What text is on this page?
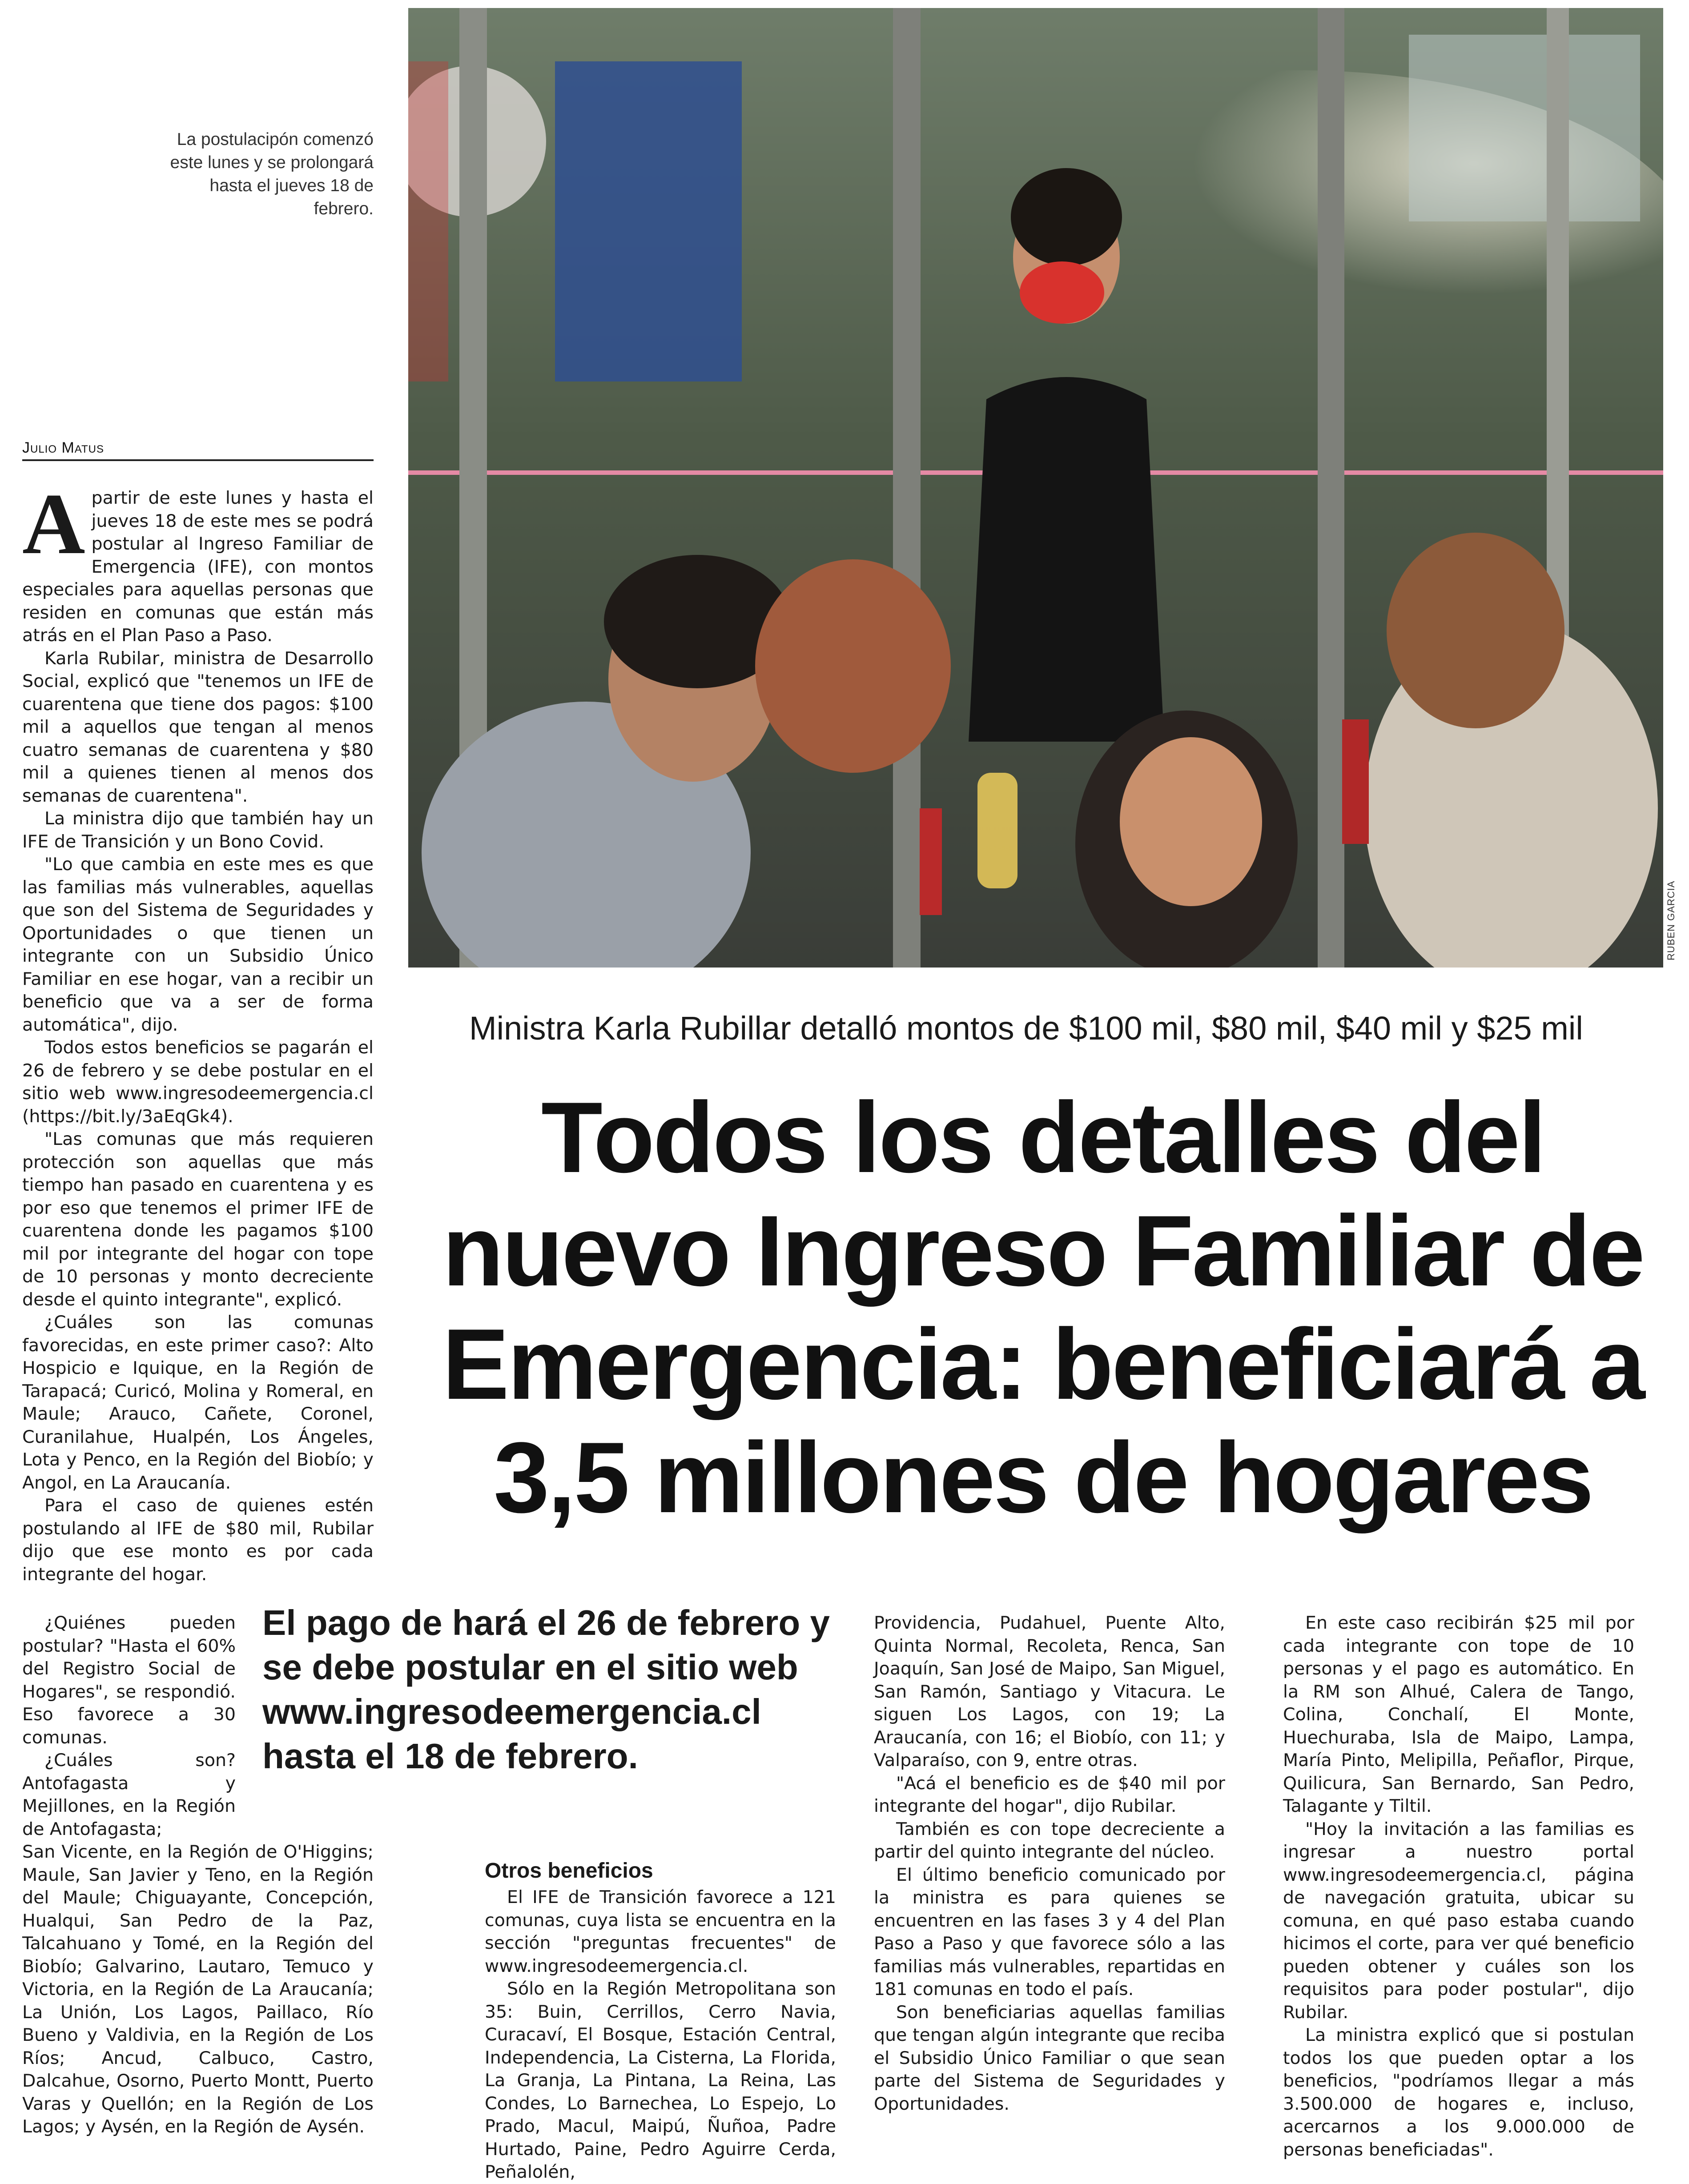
RUBEN GARCIA
La postulacipón comenzó este lunes y se prolongará hasta el jueves 18 de febrero.
Julio Matus

Apartir de este lunes y hasta el jueves 18 de este mes se podrá postular al Ingreso Familiar de Emergencia (IFE), con montos especiales para aquellas personas que residen en comunas que están más atrás en el Plan Paso a Paso.

Karla Rubilar, ministra de Desarrollo Social, explicó que "tenemos un IFE de cuarentena que tiene dos pagos: $100 mil a aquellos que tengan al menos cuatro semanas de cuarentena y $80 mil a quienes tienen al menos dos semanas de cuarentena".

La ministra dijo que también hay un IFE de Transición y un Bono Covid.

"Lo que cambia en este mes es que las familias más vulnerables, aquellas que son del Sistema de Seguridades y Oportunidades o que tienen un integrante con un Subsidio Único Familiar en ese hogar, van a recibir un beneficio que va a ser de forma automática", dijo.

Todos estos beneficios se pagarán el 26 de febrero y se debe postular en el sitio web www.ingresodeemergencia.cl (https://bit.ly/3aEqGk4).

"Las comunas que más requieren protección son aquellas que más tiempo han pasado en cuarentena y es por eso que tenemos el primer IFE de cuarentena donde les pagamos $100 mil por integrante del hogar con tope de 10 personas y monto decreciente desde el quinto integrante", explicó.

¿Cuáles son las comunas favorecidas, en este primer caso?: Alto Hospicio e Iquique, en la Región de Tarapacá; Curicó, Molina y Romeral, en Maule; Arauco, Cañete, Coronel, Curanilahue, Hualpén, Los Ángeles, Lota y Penco, en la Región del Biobío; y Angol, en La Araucanía.

Para el caso de quienes estén postulando al IFE de $80 mil, Rubilar dijo que ese monto es por cada integrante del hogar.

¿Quiénes pueden postular? "Hasta el 60% del Registro Social de Hogares", se respondió. Eso favorece a 30 comunas.

¿Cuáles son? Antofagasta y Mejillones, en la Región de Antofagasta;

San Vicente, en la Región de O'Higgins; Maule, San Javier y Teno, en la Región del Maule; Chiguayante, Concepción, Hualqui, San Pedro de la Paz, Talcahuano y Tomé, en la Región del Biobío; Galvarino, Lautaro, Temuco y Victoria, en la Región de La Araucanía; La Unión, Los Lagos, Paillaco, Río Bueno y Valdivia, en la Región de Los Ríos; Ancud, Calbuco, Castro, Dalcahue, Osorno, Puerto Montt, Puerto Varas y Quellón; en la Región de Los Lagos; y Aysén, en la Región de Aysén.

Ministra Karla Rubillar detalló montos de $100 mil, $80 mil, $40 mil y $25 mil
Todos los detalles del nuevo Ingreso Familiar de Emergencia: beneficiará a 3,5 millones de hogares
El pago de hará el 26 de febrero y se debe postular en el sitio web www.ingresodeemergencia.cl hasta el 18 de febrero.
Otros beneficios

El IFE de Transición favorece a 121 comunas, cuya lista se encuentra en la sección "preguntas frecuentes" de www.ingresodeemergencia.cl.

Sólo en la Región Metropolitana son 35: Buin, Cerrillos, Cerro Navia, Curacaví, El Bosque, Estación Central, Independencia, La Cisterna, La Florida, La Granja, La Pintana, La Reina, Las Condes, Lo Barnechea, Lo Espejo, Lo Prado, Macul, Maipú, Ñuñoa, Padre Hurtado, Paine, Pedro Aguirre Cerda, Peñalolén,

Providencia, Pudahuel, Puente Alto, Quinta Normal, Recoleta, Renca, San Joaquín, San José de Maipo, San Miguel, San Ramón, Santiago y Vitacura. Le siguen Los Lagos, con 19; La Araucanía, con 16; el Biobío, con 11; y Valparaíso, con 9, entre otras.

"Acá el beneficio es de $40 mil por integrante del hogar", dijo Rubilar.

También es con tope decreciente a partir del quinto integrante del núcleo.

El último beneficio comunicado por la ministra es para quienes se encuentren en las fases 3 y 4 del Plan Paso a Paso y que favorece sólo a las familias más vulnerables, repartidas en 181 comunas en todo el país.

Son beneficiarias aquellas familias que tengan algún integrante que reciba el Subsidio Único Familiar o que sean parte del Sistema de Seguridades y Oportunidades.

En este caso recibirán $25 mil por cada integrante con tope de 10 personas y el pago es automático. En la RM son Alhué, Calera de Tango, Colina, Conchalí, El Monte, Huechuraba, Isla de Maipo, Lampa, María Pinto, Melipilla, Peñaflor, Pirque, Quilicura, San Bernardo, San Pedro, Talagante y Tiltil.

"Hoy la invitación a las familias es ingresar a nuestro portal www.ingresodeemergencia.cl, página de navegación gratuita, ubicar su comuna, en qué paso estaba cuando hicimos el corte, para ver qué beneficio pueden obtener y cuáles son los requisitos para poder postular", dijo Rubilar.

La ministra explicó que si postulan todos los que pueden optar a los beneficios, "podríamos llegar a más 3.500.000 de hogares e, incluso, acercarnos a los 9.000.000 de personas beneficiadas".
